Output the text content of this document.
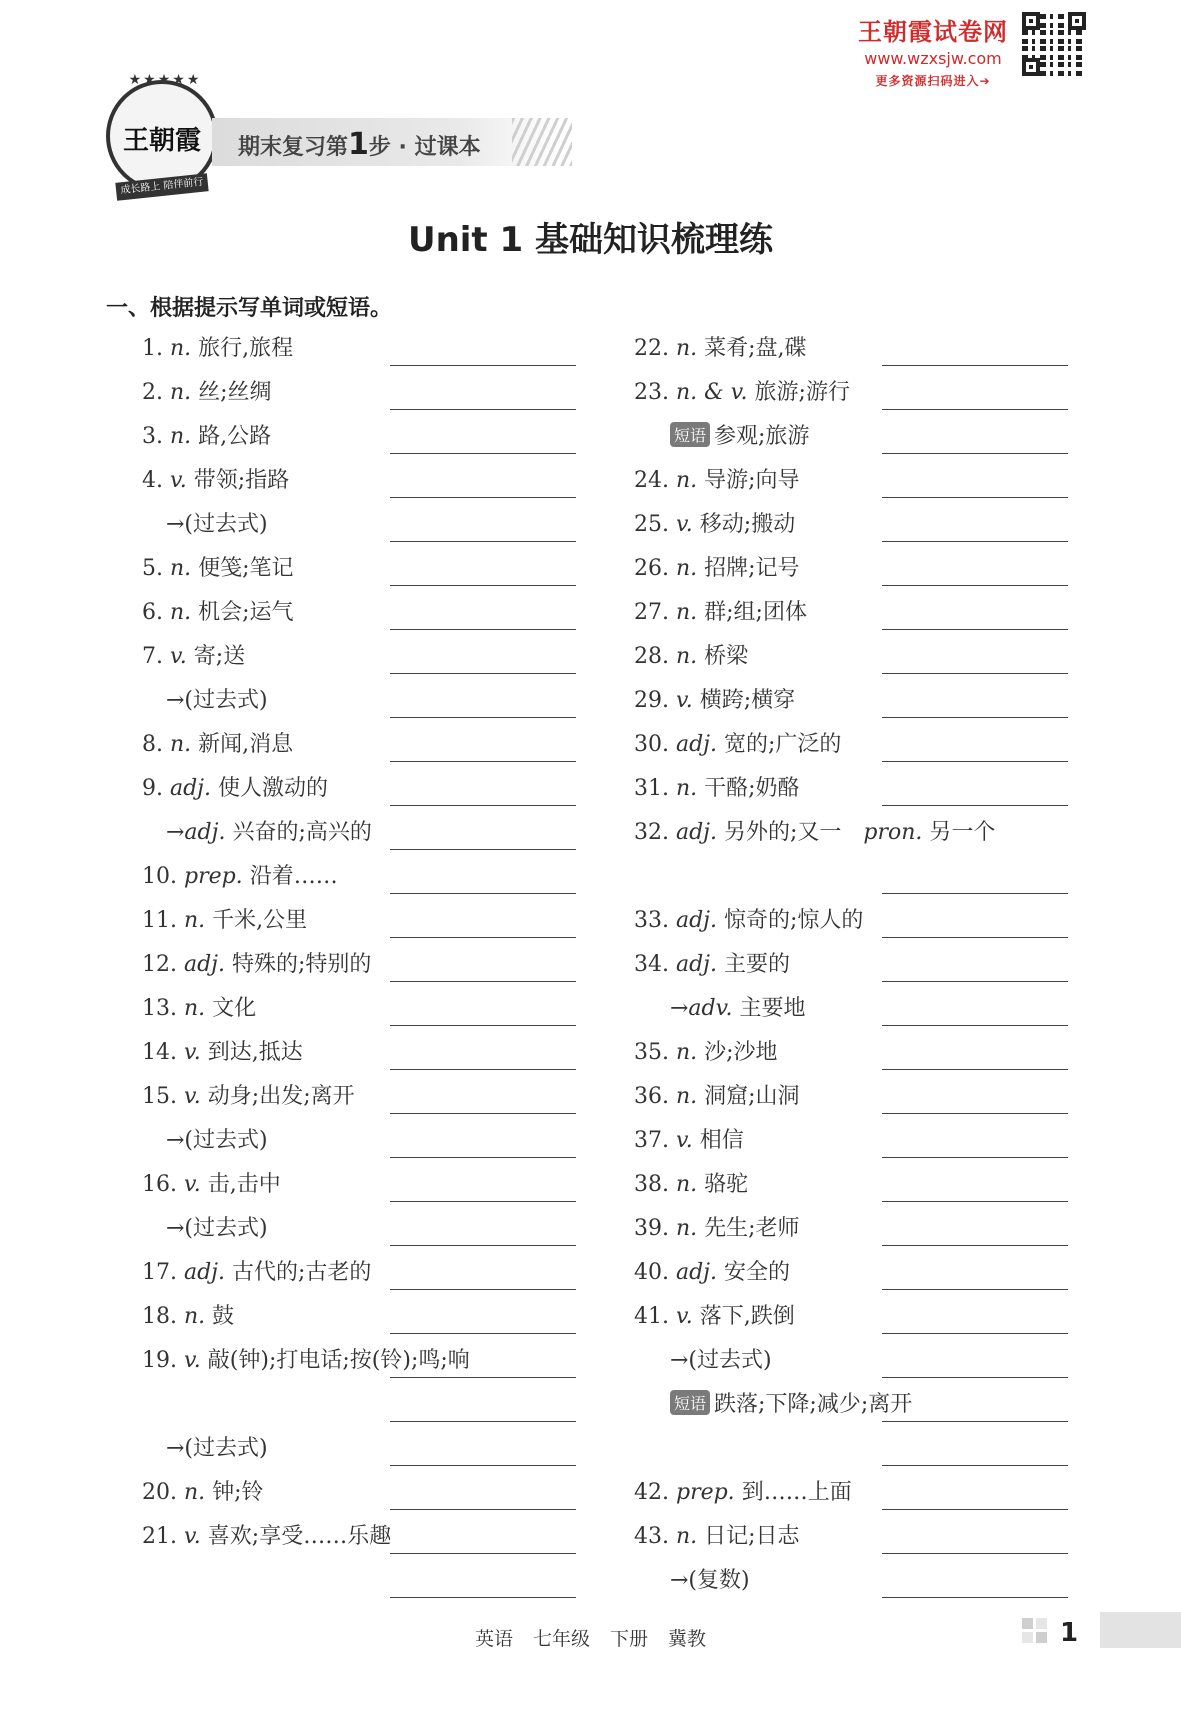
王朝霞试卷网
www.wzxsjw.com
更多资源扫码进入➔
★★★★★
王朝霞
成长路上 陪伴前行
期末复习第1步 · 过课本
Unit 1 基础知识梳理练
一、根据提示写单词或短语。
1. n. 旅行,旅程
2. n. 丝;丝绸
3. n. 路,公路
4. v. 带领;指路
→(过去式)
5. n. 便笺;笔记
6. n. 机会;运气
7. v. 寄;送
→(过去式)
8. n. 新闻,消息
9. adj. 使人激动的
→adj. 兴奋的;高兴的
10. prep. 沿着……
11. n. 千米,公里
12. adj. 特殊的;特别的
13. n. 文化
14. v. 到达,抵达
15. v. 动身;出发;离开
→(过去式)
16. v. 击,击中
→(过去式)
17. adj. 古代的;古老的
18. n. 鼓
19. v. 敲(钟);打电话;按(铃);鸣;响
→(过去式)
20. n. 钟;铃
21. v. 喜欢;享受……乐趣
22. n. 菜肴;盘,碟
23. n. & v. 旅游;游行
短语 参观;旅游
24. n. 导游;向导
25. v. 移动;搬动
26. n. 招牌;记号
27. n. 群;组;团体
28. n. 桥梁
29. v. 横跨;横穿
30. adj. 宽的;广泛的
31. n. 干酪;奶酪
32. adj. 另外的;又一 pron. 另一个
33. adj. 惊奇的;惊人的
34. adj. 主要的
→adv. 主要地
35. n. 沙;沙地
36. n. 洞窟;山洞
37. v. 相信
38. n. 骆驼
39. n. 先生;老师
40. adj. 安全的
41. v. 落下,跌倒
→(过去式)
短语 跌落;下降;减少;离开
42. prep. 到……上面
43. n. 日记;日志
→(复数)
英语 七年级 下册 冀教	1
